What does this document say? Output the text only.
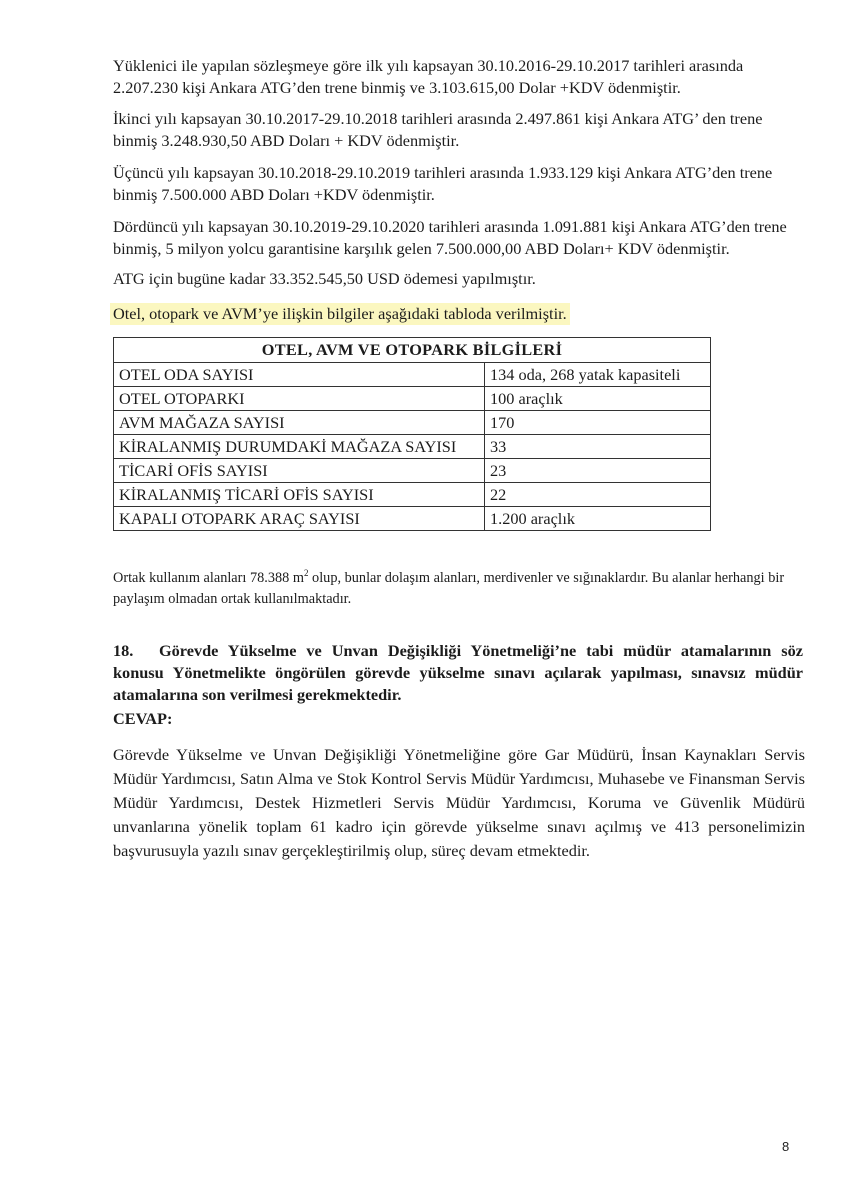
Yüklenici ile yapılan sözleşmeye göre ilk yılı kapsayan 30.10.2016-29.10.2017 tarihleri arasında 2.207.230 kişi Ankara ATG’den trene binmiş ve 3.103.615,00 Dolar +KDV ödenmiştir.

İkinci yılı kapsayan 30.10.2017-29.10.2018 tarihleri arasında 2.497.861 kişi Ankara ATG’ den trene binmiş 3.248.930,50 ABD Doları + KDV ödenmiştir.

Üçüncü yılı kapsayan 30.10.2018-29.10.2019 tarihleri arasında 1.933.129 kişi Ankara ATG’den trene binmiş 7.500.000 ABD Doları +KDV ödenmiştir.

Dördüncü yılı kapsayan 30.10.2019-29.10.2020 tarihleri arasında 1.091.881 kişi Ankara ATG’den trene binmiş, 5 milyon yolcu garantisine karşılık gelen 7.500.000,00 ABD Doları+ KDV ödenmiştir.

ATG için bugüne kadar 33.352.545,50 USD ödemesi yapılmıştır.

Otel, otopark ve AVM’ye ilişkin bilgiler aşağıdaki tabloda verilmiştir.

OTEL, AVM VE OTOPARK BİLGİLERİ	
OTEL ODA SAYISI	134 oda, 268 yatak kapasiteli
OTEL OTOPARKI	100 araçlık
AVM MAĞAZA SAYISI	170
KİRALANMIŞ DURUMDAKİ MAĞAZA SAYISI	33
TİCARİ OFİS SAYISI	23
KİRALANMIŞ TİCARİ OFİS SAYISI	22
KAPALI OTOPARK ARAÇ SAYISI	1.200 araçlık

Ortak kullanım alanları 78.388 $m^2$ olup, bunlar dolaşım alanları, merdivenler ve sığınaklardır. Bu alanlar herhangi bir paylaşım olmadan ortak kullanılmaktadır.

18. Görevde Yükselme ve Unvan Değişikliği Yönetmeliği’ne tabi müdür atamalarının söz konusu Yönetmelikte öngörülen görevde yükselme sınavı açılarak yapılması, sınavsız müdür atamalarına son verilmesi gerekmektedir.

CEVAP:

Görevde Yükselme ve Unvan Değişikliği Yönetmeliğine göre Gar Müdürü, İnsan Kaynakları Servis Müdür Yardımcısı, Satın Alma ve Stok Kontrol Servis Müdür Yardımcısı, Muhasebe ve Finansman Servis Müdür Yardımcısı, Destek Hizmetleri Servis Müdür Yardımcısı, Koruma ve Güvenlik Müdürü unvanlarına yönelik toplam 61 kadro için görevde yükselme sınavı açılmış ve 413 personelimizin başvurusuyla yazılı sınav gerçekleştirilmiş olup, süreç devam etmektedir.

8
